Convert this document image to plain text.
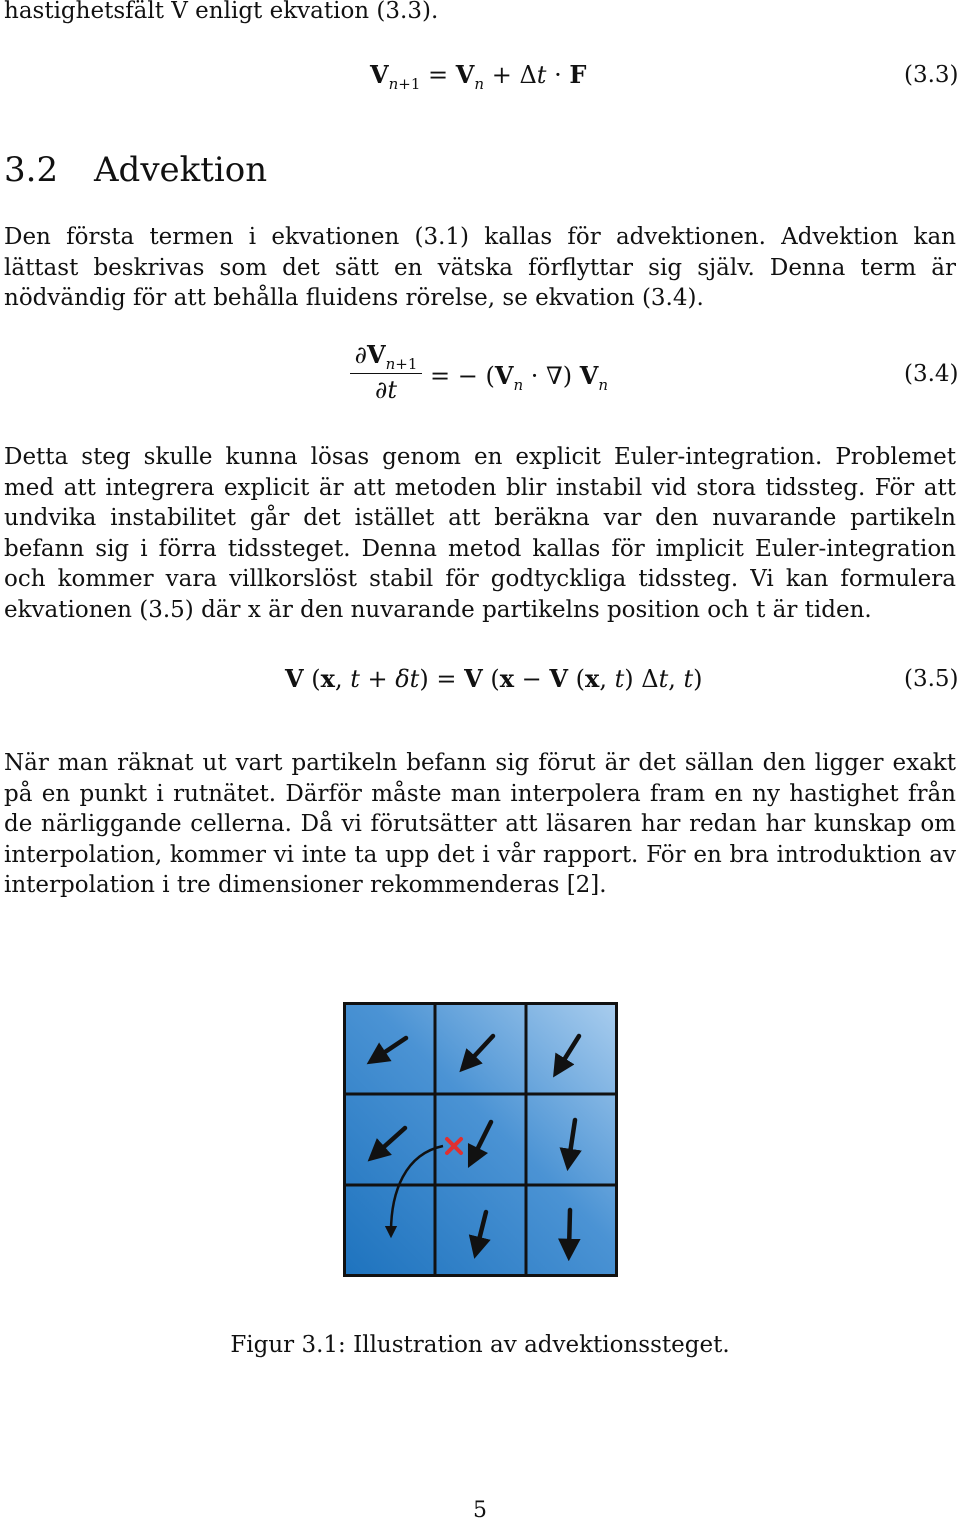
hastighetsfält V enligt ekvation (3.3).
$V_{n+1} = V_n + \Delta t \cdot F$	(3.3)
3.2 Advektion

Den första termen i ekvationen (3.1) kallas för advektionen. Advektion kan lättast beskrivas som det sätt en vätska förflyttar sig själv. Denna term är nödvändig för att behålla fluidens rörelse, se ekvation (3.4).

$\frac{\partial V_{n+1}}{\partial t}$ = − ($V_n$ · ∇) $V_n$	(3.4)

Detta steg skulle kunna lösas genom en explicit Euler-integration. Problemet med att integrera explicit är att metoden blir instabil vid stora tidssteg. För att undvika instabilitet går det istället att beräkna var den nuvarande partikeln befann sig i förra tidssteget. Denna metod kallas för implicit Euler-integration och kommer vara villkorslöst stabil för godtyckliga tidssteg. Vi kan formulera ekvationen (3.5) där x är den nuvarande partikelns position och t är tiden.

V (x, t + δt) = V (x − V (x, t) Δt, t)	(3.5)

När man räknat ut vart partikeln befann sig förut är det sällan den ligger exakt på en punkt i rutnätet. Därför måste man interpolera fram en ny hastighet från de närliggande cellerna. Då vi förutsätter att läsaren har redan har kunskap om interpolation, kommer vi inte ta upp det i vår rapport. För en bra introduktion av interpolation i tre dimensioner rekommenderas [2].

Figur 3.1: Illustration av advektionssteget.
5
